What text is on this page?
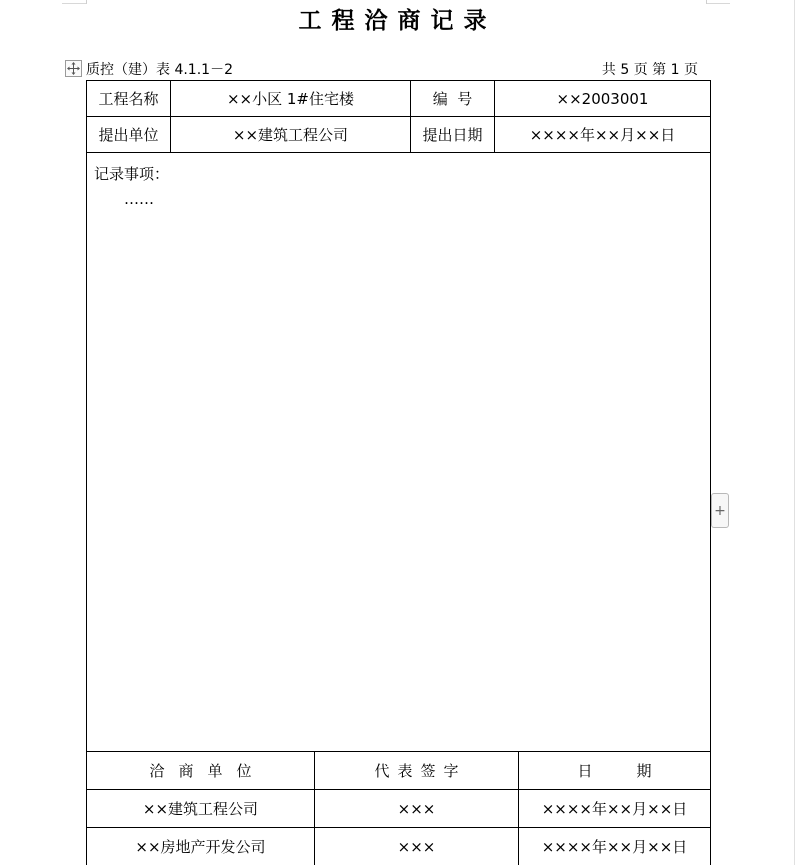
工程洽商记录
质控（建）表 4.1.1－2	共 5 页 第 1 页
工程名称	××小区 1#住宅楼	编  号	××2003001
提出单位	××建筑工程公司	提出日期	××××年××月××日
记录事项：
……
洽商单位	代表签字	日期
××建筑工程公司	×××	××××年××月××日
××房地产开发公司	×××	××××年××月××日
+
